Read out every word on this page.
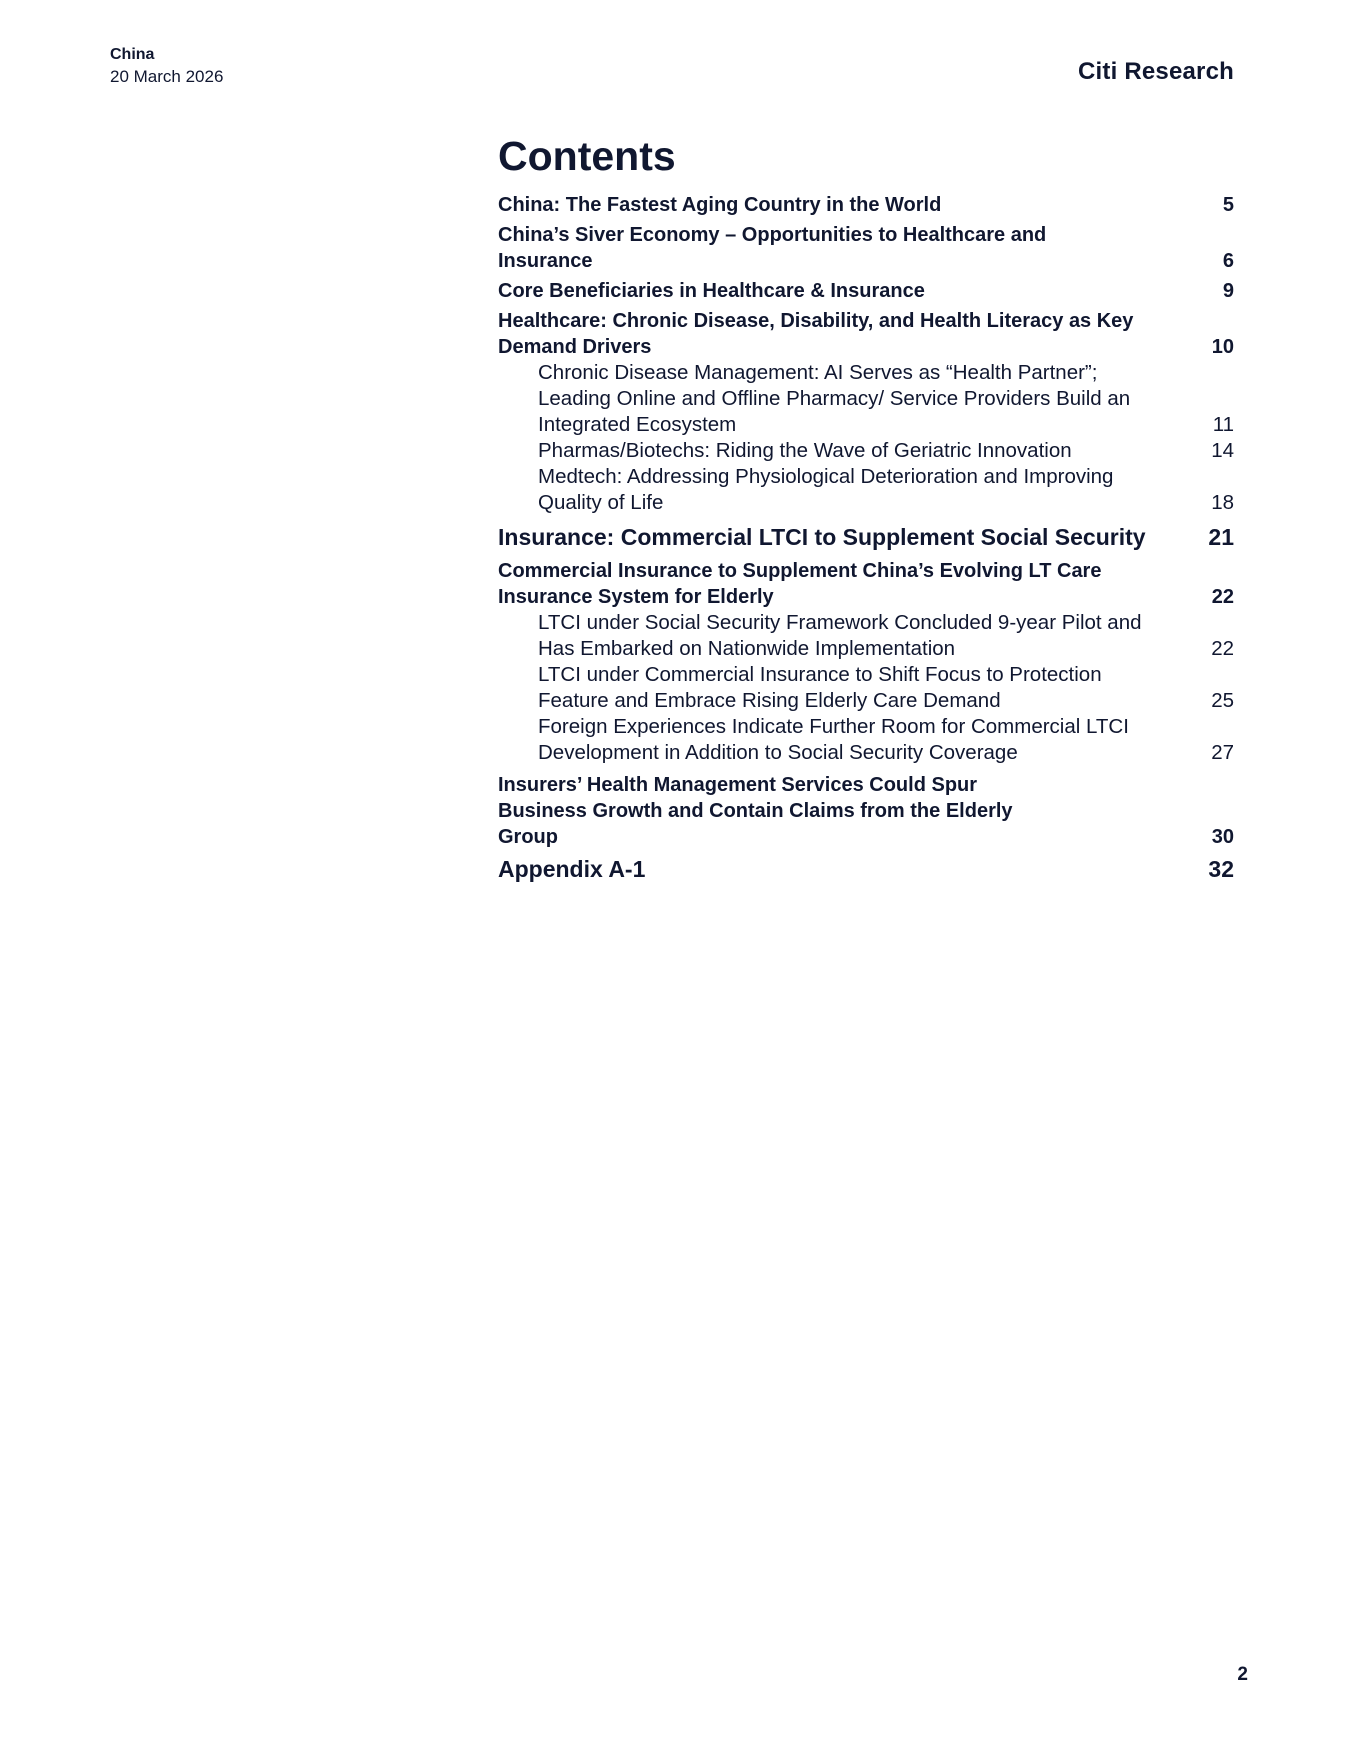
China
20 March 2026	Citi Research
Contents
China: The Fastest Aging Country in the World	5
China’s Siver Economy – Opportunities to Healthcare and Insurance	6
Core Beneficiaries in Healthcare & Insurance	9
Healthcare: Chronic Disease, Disability, and Health Literacy as Key Demand Drivers	10
Chronic Disease Management: AI Serves as “Health Partner”; Leading Online and Offline Pharmacy/ Service Providers Build an Integrated Ecosystem	11
Pharmas/Biotechs: Riding the Wave of Geriatric Innovation	14
Medtech: Addressing Physiological Deterioration and Improving Quality of Life	18
Insurance: Commercial LTCI to Supplement Social Security	21
Commercial Insurance to Supplement China’s Evolving LT Care Insurance System for Elderly	22
LTCI under Social Security Framework Concluded 9-year Pilot and Has Embarked on Nationwide Implementation	22
LTCI under Commercial Insurance to Shift Focus to Protection Feature and Embrace Rising Elderly Care Demand	25
Foreign Experiences Indicate Further Room for Commercial LTCI Development in Addition to Social Security Coverage	27
Insurers’ Health Management Services Could Spur Business Growth and Contain Claims from the Elderly Group	30
Appendix A-1	32
2
